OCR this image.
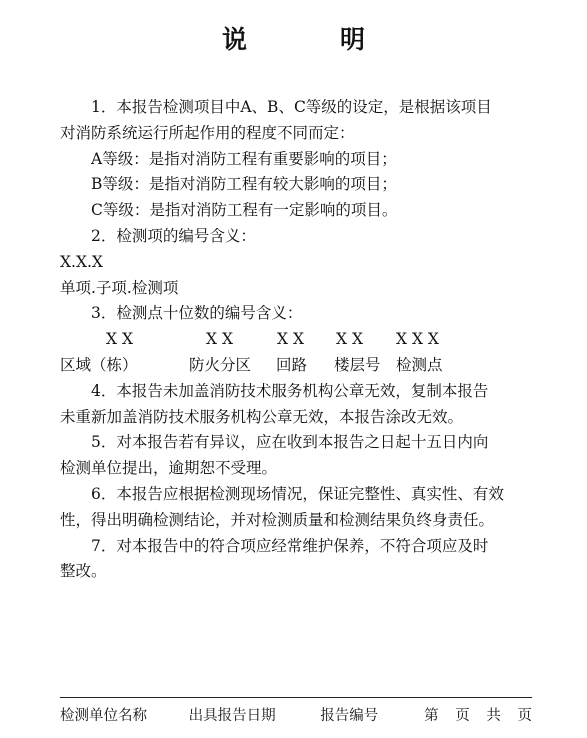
说　明

1．本报告检测项目中A、B、C等级的设定，是根据该项目

对消防系统运行所起作用的程度不同而定：

A等级：是指对消防工程有重要影响的项目；

B等级：是指对消防工程有较大影响的项目；

C等级：是指对消防工程有一定影响的项目。

2．检测项的编号含义：

X.X.X

单项.子项.检测项

3．检测点十位数的编号含义：

X X	X X	X X	X X	X X X
区域（栋）	防火分区	回路	楼层号 检测点

4．本报告未加盖消防技术服务机构公章无效，复制本报告

未重新加盖消防技术服务机构公章无效，本报告涂改无效。

5．对本报告若有异议，应在收到本报告之日起十五日内向

检测单位提出，逾期恕不受理。

6．本报告应根据检测现场情况，保证完整性、真实性、有效

性，得出明确检测结论，并对检测质量和检测结果负终身责任。

7．对本报告中的符合项应经常维护保养，不符合项应及时

整改。

检测单位名称	出具报告日期	报告编号	第 页 共 页
